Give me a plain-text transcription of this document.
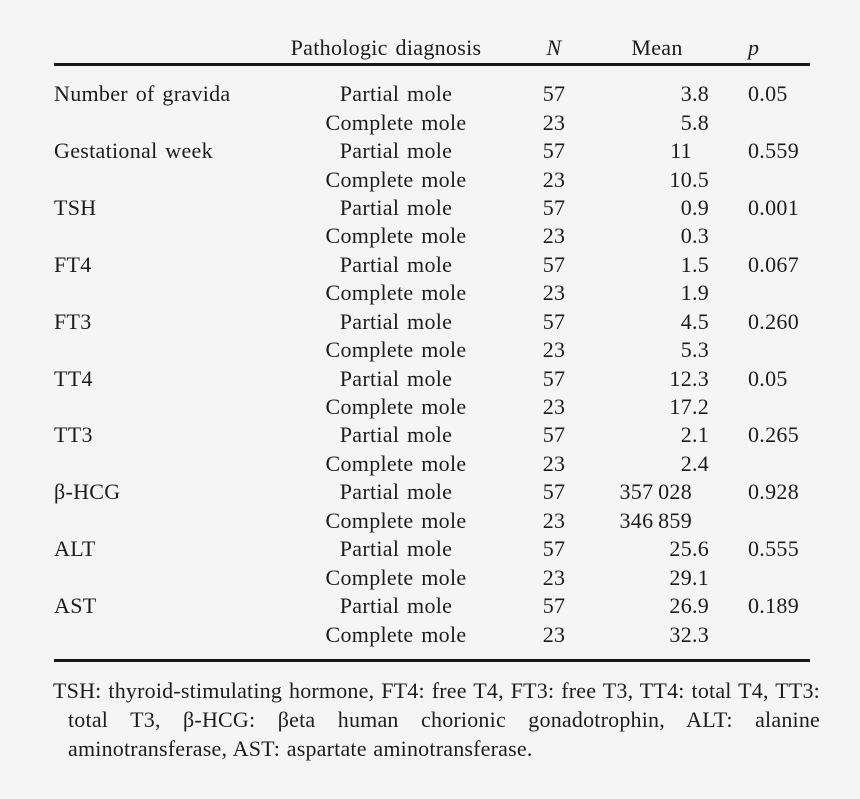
Pathologic diagnosis	N	Mean	p
Number of gravida	Partial mole	57	3 .8	0.05
Complete mole	23	5 .8
Gestational week	Partial mole	57	11	0.559
Complete mole	23	10 .5
TSH	Partial mole	57	0 .9	0.001
Complete mole	23	0 .3
FT4	Partial mole	57	1 .5	0.067
Complete mole	23	1 .9
FT3	Partial mole	57	4 .5	0.260
Complete mole	23	5 .3
TT4	Partial mole	57	12 .3	0.05
Complete mole	23	17 .2
TT3	Partial mole	57	2 .1	0.265
Complete mole	23	2 .4
β-HCG	Partial mole	57	357 028	0.928
Complete mole	23	346 859
ALT	Partial mole	57	25 .6	0.555
Complete mole	23	29 .1
AST	Partial mole	57	26 .9	0.189
Complete mole	23	32 .3

TSH: thyroid-stimulating hormone, FT4: free T4, FT3: free T3, TT4: total T4, TT3: total T3, β-HCG: βeta human chorionic gonadotrophin, ALT: alanine aminotransferase, AST: aspartate aminotransferase.
